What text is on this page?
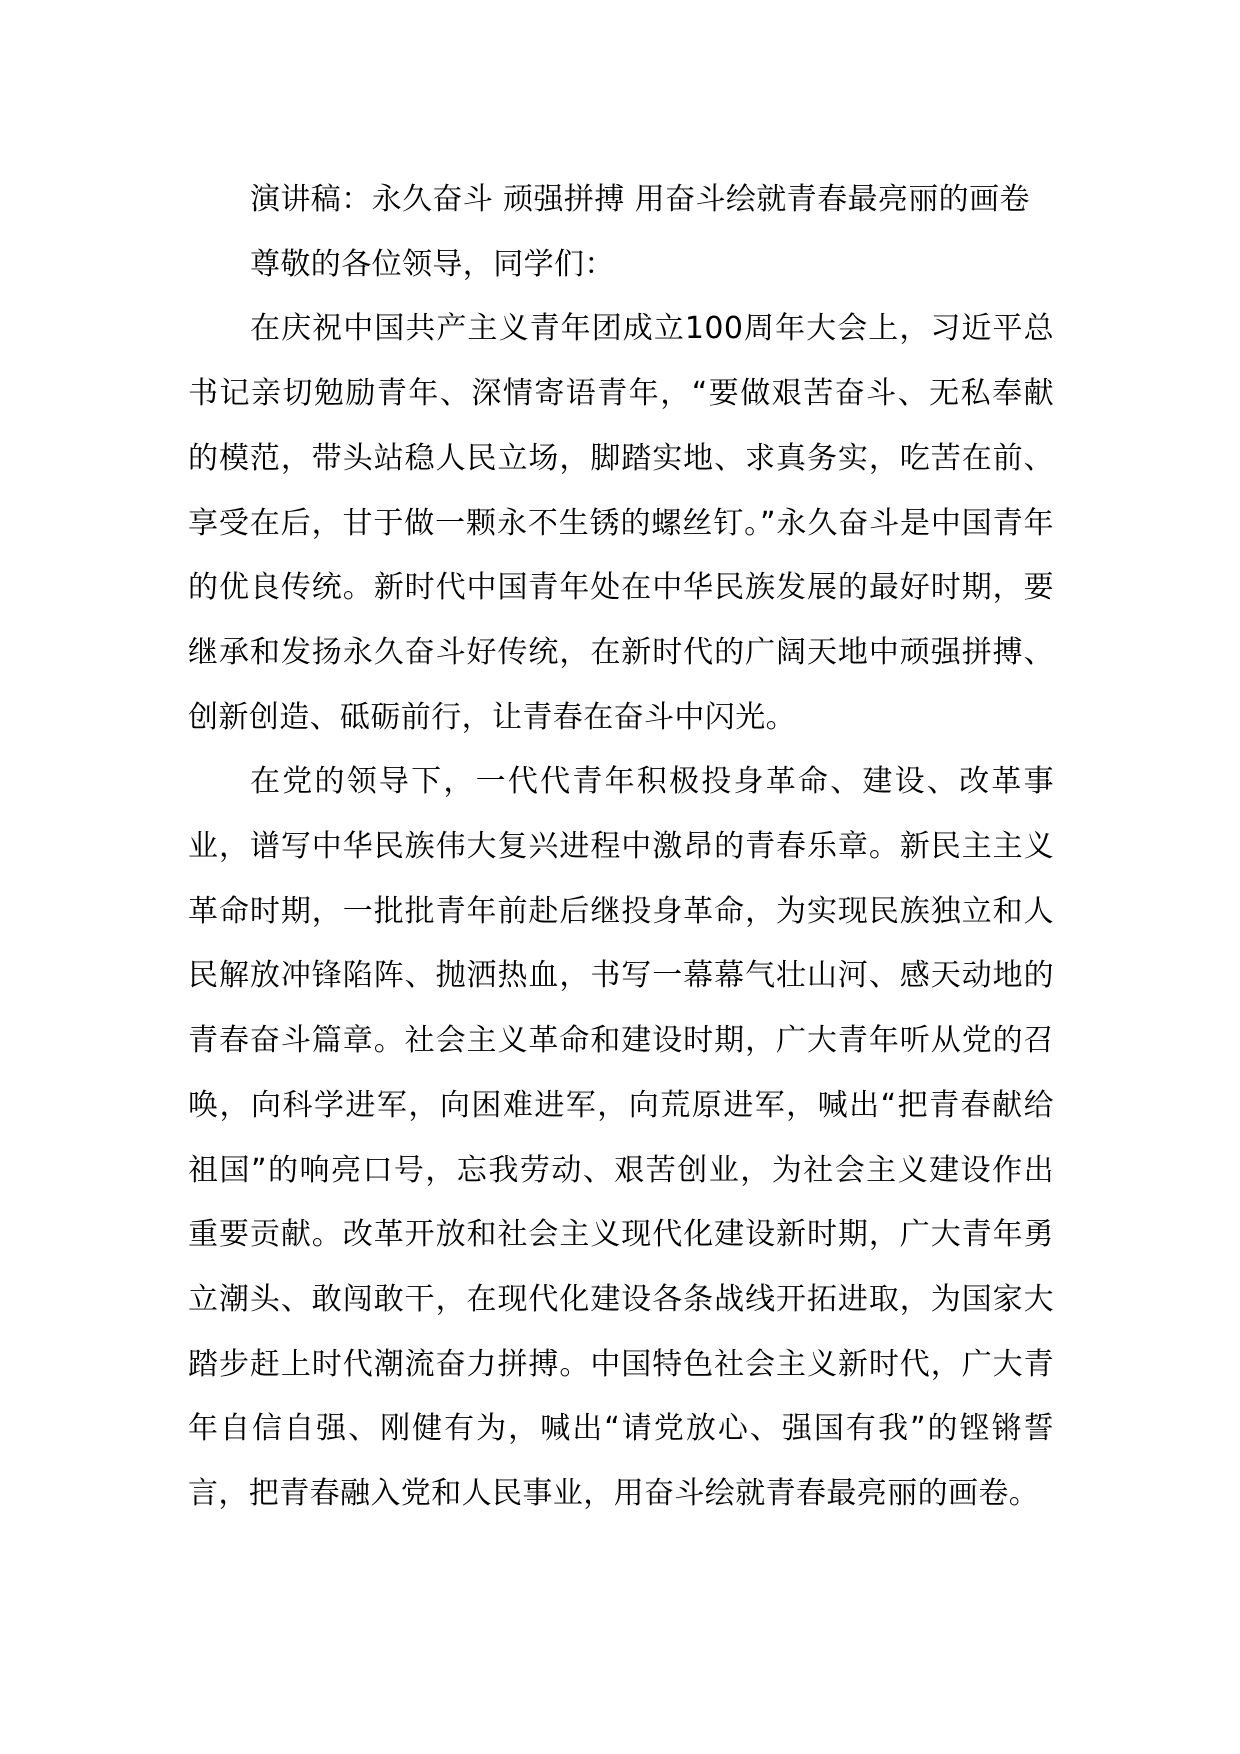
演讲稿：永久奋斗 顽强拼搏 用奋斗绘就青春最亮丽的画卷

尊敬的各位领导，同学们：

在庆祝中国共产主义青年团成立100周年大会上，习近平总书记亲切勉励青年、深情寄语青年，“要做艰苦奋斗、无私奉献的模范，带头站稳人民立场，脚踏实地、求真务实，吃苦在前、享受在后，甘于做一颗永不生锈的螺丝钉。”永久奋斗是中国青年的优良传统。新时代中国青年处在中华民族发展的最好时期，要继承和发扬永久奋斗好传统，在新时代的广阔天地中顽强拼搏、创新创造、砥砺前行，让青春在奋斗中闪光。

在党的领导下，一代代青年积极投身革命、建设、改革事业，谱写中华民族伟大复兴进程中激昂的青春乐章。新民主主义革命时期，一批批青年前赴后继投身革命，为实现民族独立和人民解放冲锋陷阵、抛洒热血，书写一幕幕气壮山河、感天动地的青春奋斗篇章。社会主义革命和建设时期，广大青年听从党的召唤，向科学进军，向困难进军，向荒原进军，喊出“把青春献给祖国”的响亮口号，忘我劳动、艰苦创业，为社会主义建设作出重要贡献。改革开放和社会主义现代化建设新时期，广大青年勇立潮头、敢闯敢干，在现代化建设各条战线开拓进取，为国家大踏步赶上时代潮流奋力拼搏。中国特色社会主义新时代，广大青年自信自强、刚健有为，喊出“请党放心、强国有我”的铿锵誓言，把青春融入党和人民事业，用奋斗绘就青春最亮丽的画卷。
